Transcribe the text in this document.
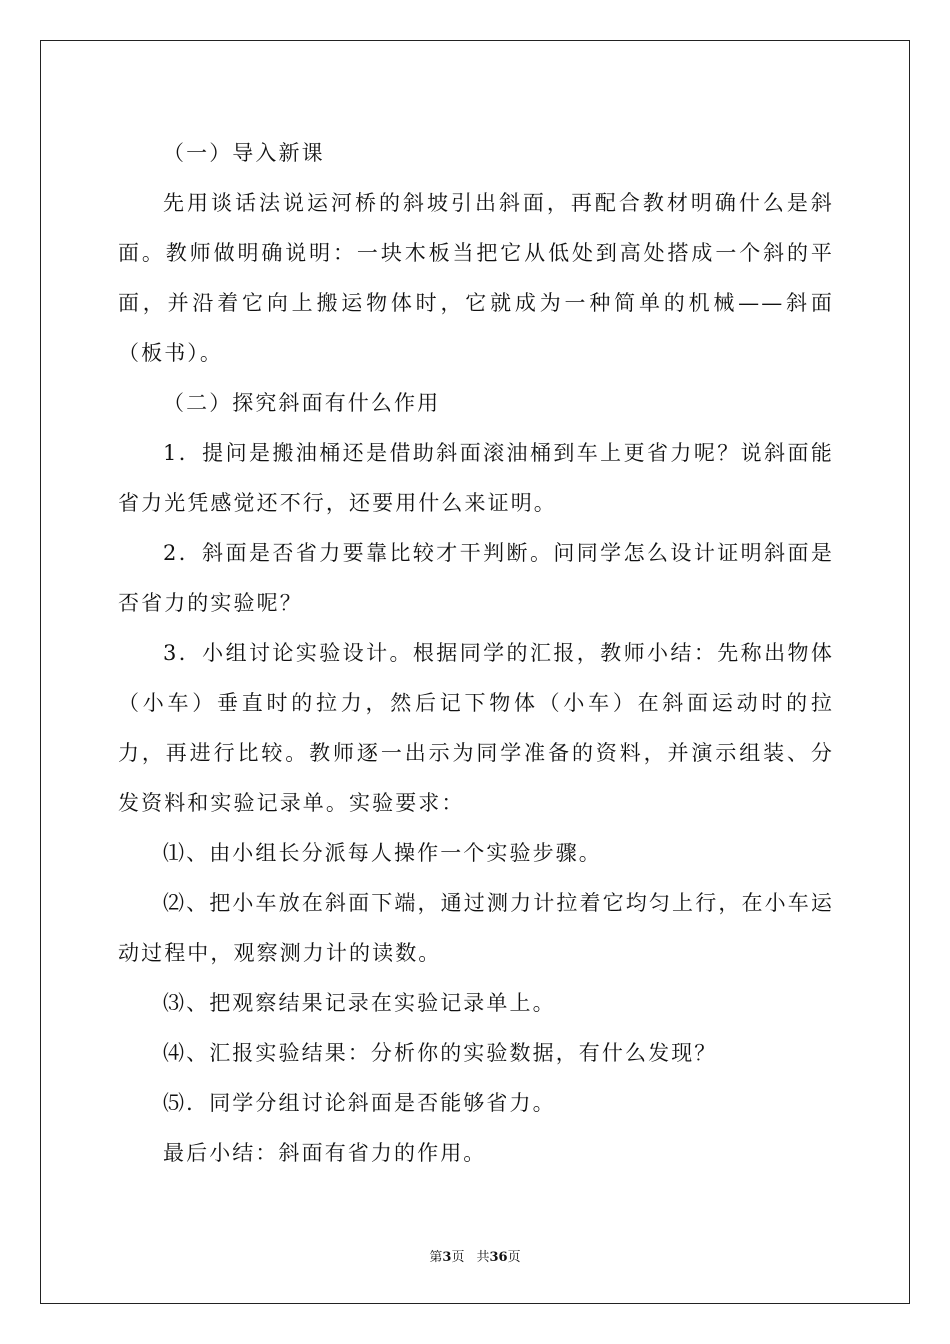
（一）导入新课

先用谈话法说运河桥的斜坡引出斜面，再配合教材明确什么是斜面。教师做明确说明：一块木板当把它从低处到高处搭成一个斜的平面，并沿着它向上搬运物体时，它就成为一种简单的机械——斜面（板书）。

（二）探究斜面有什么作用

1．提问是搬油桶还是借助斜面滚油桶到车上更省力呢？说斜面能省力光凭感觉还不行，还要用什么来证明。

2．斜面是否省力要靠比较才干判断。问同学怎么设计证明斜面是否省力的实验呢？

3．小组讨论实验设计。根据同学的汇报，教师小结：先称出物体（小车）垂直时的拉力，然后记下物体（小车）在斜面运动时的拉力，再进行比较。教师逐一出示为同学准备的资料，并演示组装、分发资料和实验记录单。实验要求：

⑴、由小组长分派每人操作一个实验步骤。

⑵、把小车放在斜面下端，通过测力计拉着它均匀上行，在小车运动过程中，观察测力计的读数。

⑶、把观察结果记录在实验记录单上。

⑷、汇报实验结果：分析你的实验数据，有什么发现？

⑸．同学分组讨论斜面是否能够省力。

最后小结：斜面有省力的作用。

第3页 共36页
